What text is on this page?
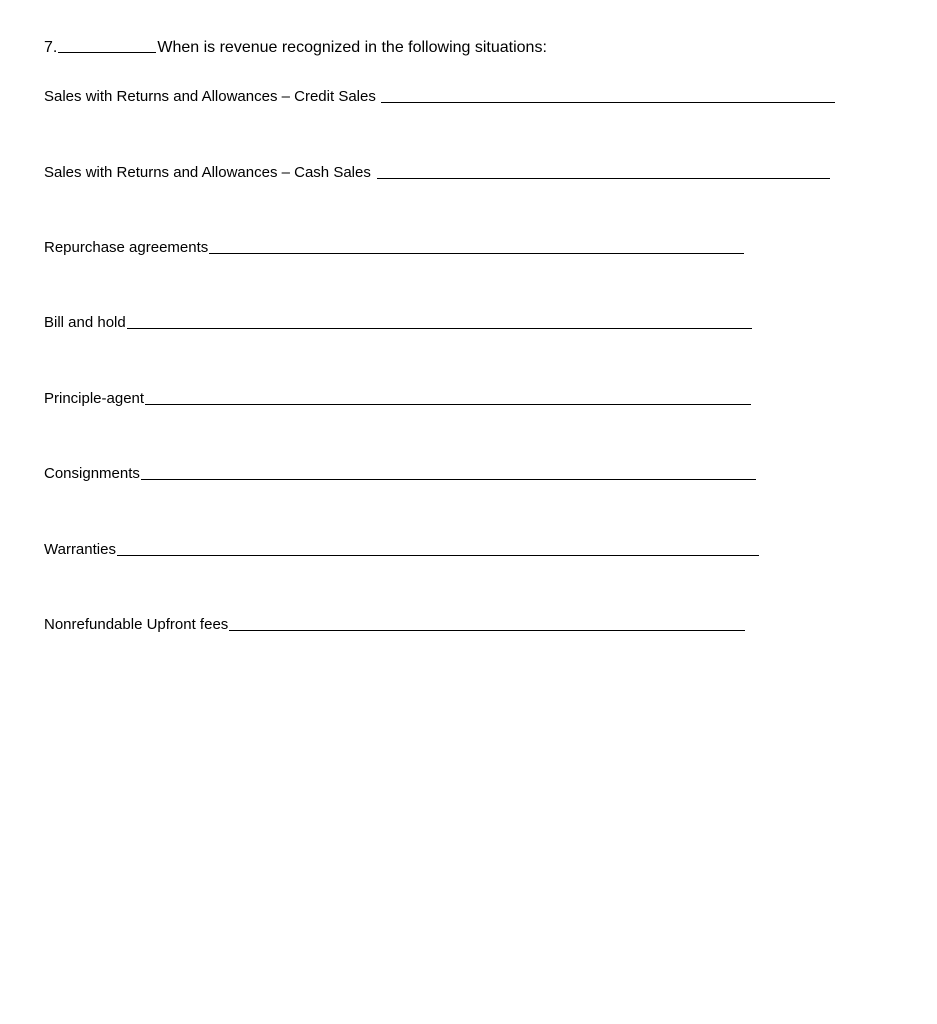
7.	When is revenue recognized in the following situations:
Sales with Returns and Allowances – Credit Sales
Sales with Returns and Allowances – Cash Sales
Repurchase agreements
Bill and hold
Principle-agent
Consignments
Warranties
Nonrefundable Upfront fees
